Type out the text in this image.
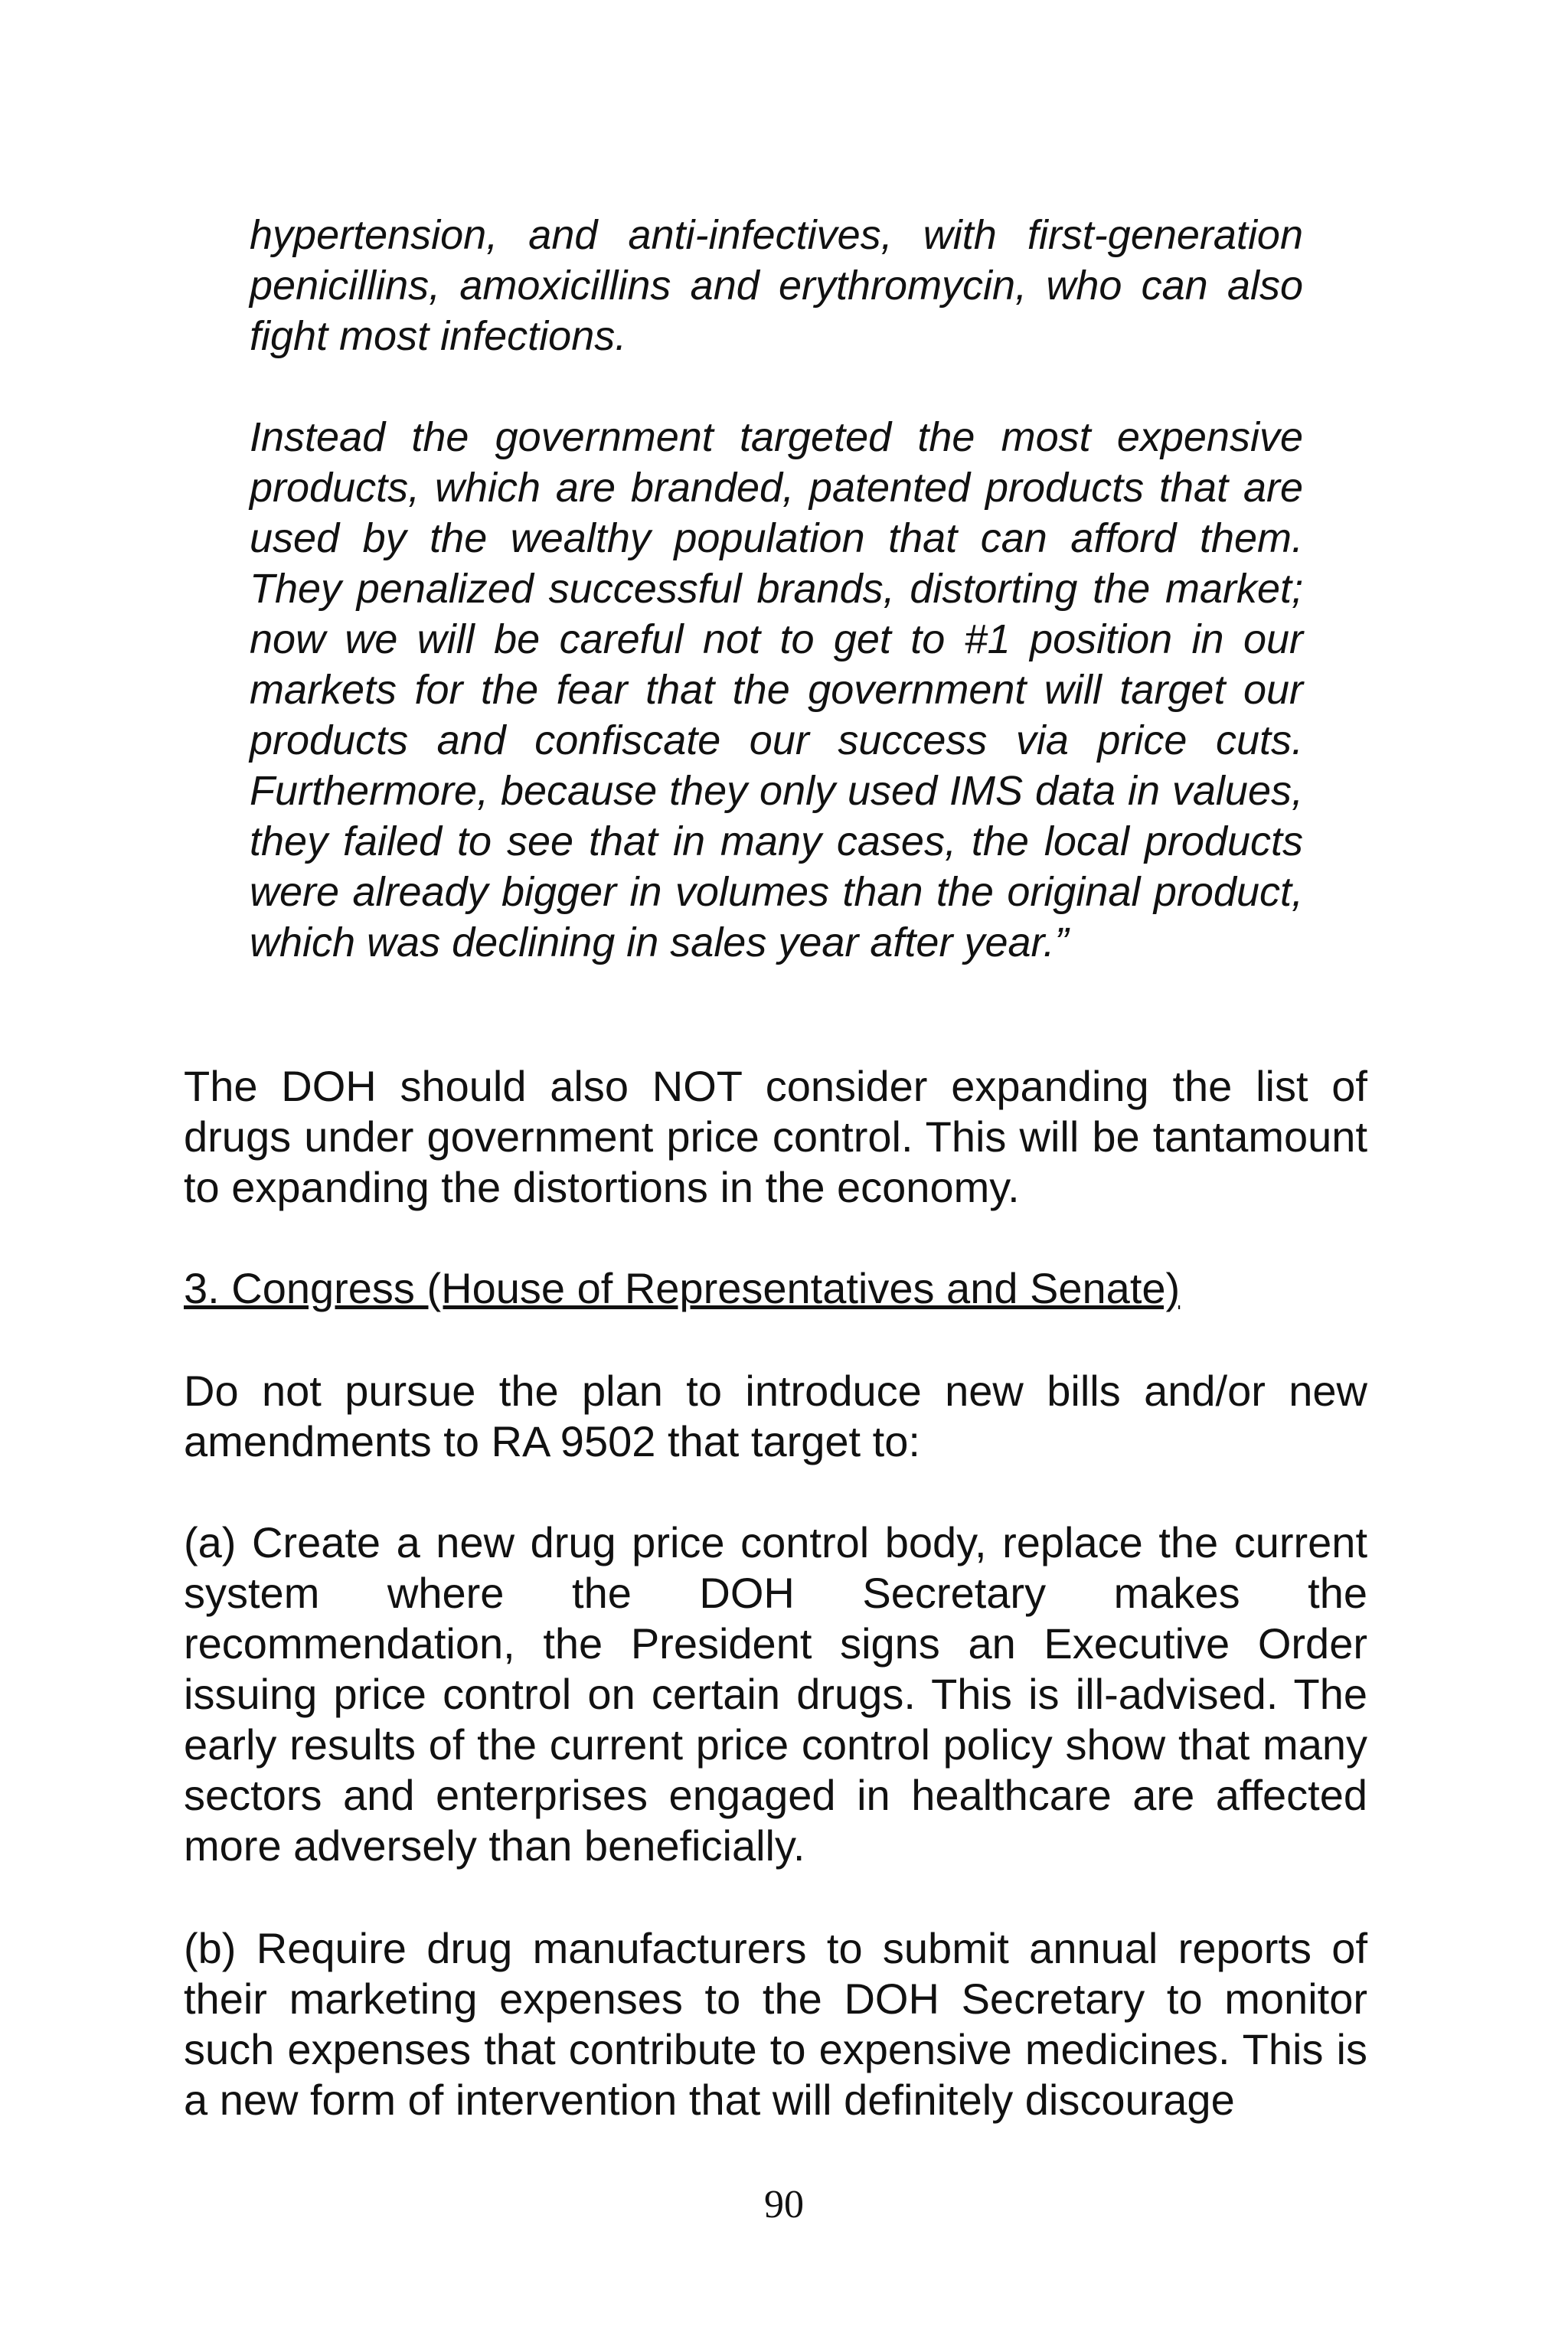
hypertension, and anti-infectives, with first-generation penicillins, amoxicillins and erythromycin, who can also fight most infections.

Instead the government targeted the most expensive products, which are branded, patented products that are used by the wealthy population that can afford them. They penalized successful brands, distorting the market; now we will be careful not to get to #1 position in our markets for the fear that the government will target our products and confiscate our success via price cuts. Furthermore, because they only used IMS data in values, they failed to see that in many cases, the local products were already bigger in volumes than the original product, which was declining in sales year after year.”

The DOH should also NOT consider expanding the list of drugs under government price control. This will be tantamount to expanding the distortions in the economy.

3. Congress (House of Representatives and Senate)

Do not pursue the plan to introduce new bills and/or new amendments to RA 9502 that target to:

(a) Create a new drug price control body, replace the current system where the DOH Secretary makes the recommendation, the President signs an Executive Order issuing price control on certain drugs. This is ill-advised. The early results of the current price control policy show that many sectors and enterprises engaged in healthcare are affected more adversely than beneficially.

(b) Require drug manufacturers to submit annual reports of their marketing expenses to the DOH Secretary to monitor such expenses that contribute to expensive medicines. This is a new form of intervention that will definitely discourage

90
